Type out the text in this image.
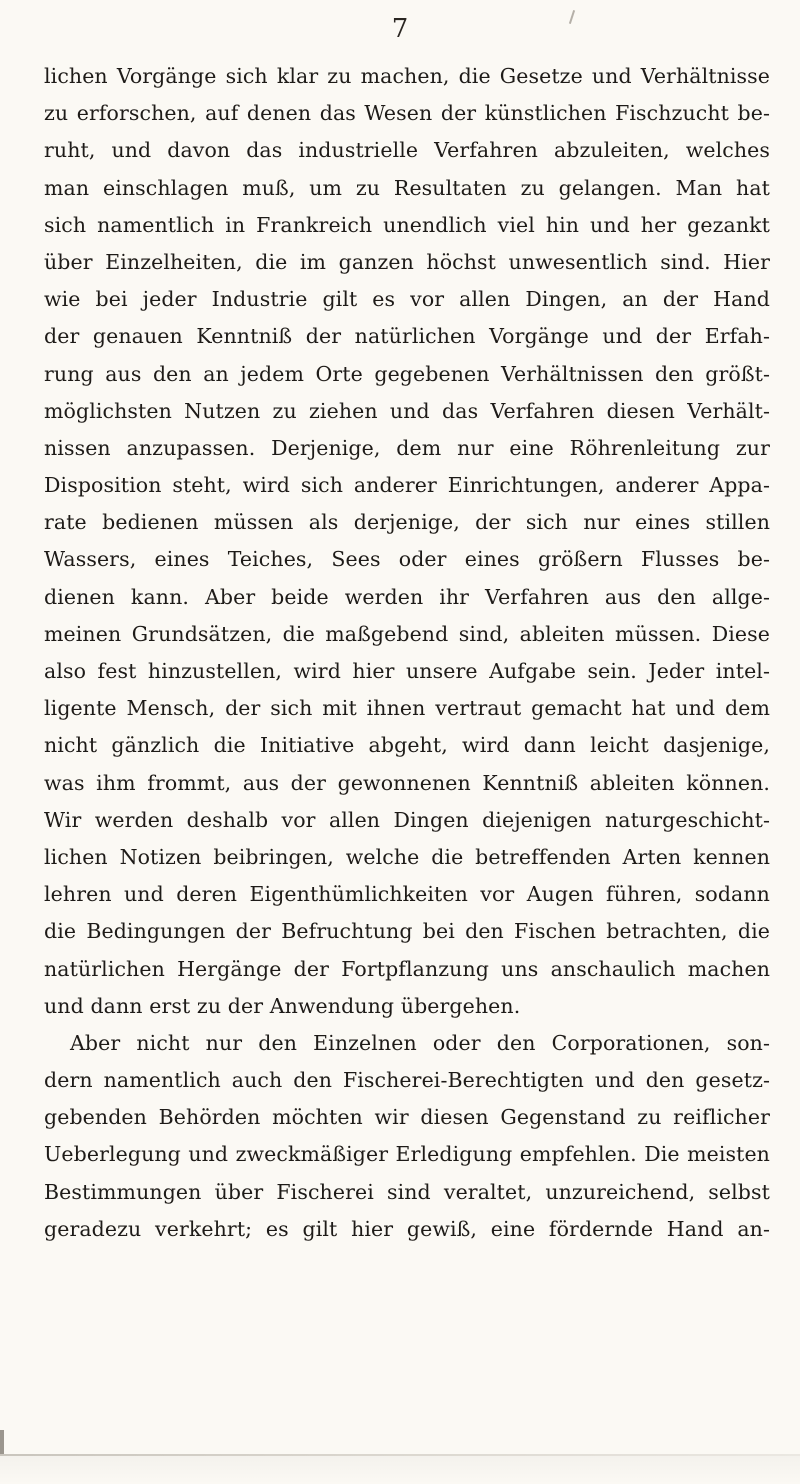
7
lichen Vorgänge sich klar zu machen, die Gesetze und Verhältnisse
zu erforschen, auf denen das Wesen der künstlichen Fischzucht be-
ruht, und davon das industrielle Verfahren abzuleiten, welches
man einschlagen muß, um zu Resultaten zu gelangen. Man hat
sich namentlich in Frankreich unendlich viel hin und her gezankt
über Einzelheiten, die im ganzen höchst unwesentlich sind. Hier
wie bei jeder Industrie gilt es vor allen Dingen, an der Hand
der genauen Kenntniß der natürlichen Vorgänge und der Erfah-
rung aus den an jedem Orte gegebenen Verhältnissen den größt-
möglichsten Nutzen zu ziehen und das Verfahren diesen Verhält-
nissen anzupassen. Derjenige, dem nur eine Röhrenleitung zur
Disposition steht, wird sich anderer Einrichtungen, anderer Appa-
rate bedienen müssen als derjenige, der sich nur eines stillen
Wassers, eines Teiches, Sees oder eines größern Flusses be-
dienen kann. Aber beide werden ihr Verfahren aus den allge-
meinen Grundsätzen, die maßgebend sind, ableiten müssen. Diese
also fest hinzustellen, wird hier unsere Aufgabe sein. Jeder intel-
ligente Mensch, der sich mit ihnen vertraut gemacht hat und dem
nicht gänzlich die Initiative abgeht, wird dann leicht dasjenige,
was ihm frommt, aus der gewonnenen Kenntniß ableiten können.
Wir werden deshalb vor allen Dingen diejenigen naturgeschicht-
lichen Notizen beibringen, welche die betreffenden Arten kennen
lehren und deren Eigenthümlichkeiten vor Augen führen, sodann
die Bedingungen der Befruchtung bei den Fischen betrachten, die
natürlichen Hergänge der Fortpflanzung uns anschaulich machen
und dann erst zu der Anwendung übergehen.
Aber nicht nur den Einzelnen oder den Corporationen, son-
dern namentlich auch den Fischerei-Berechtigten und den gesetz-
gebenden Behörden möchten wir diesen Gegenstand zu reiflicher
Ueberlegung und zweckmäßiger Erledigung empfehlen. Die meisten
Bestimmungen über Fischerei sind veraltet, unzureichend, selbst
geradezu verkehrt; es gilt hier gewiß, eine fördernde Hand an-
